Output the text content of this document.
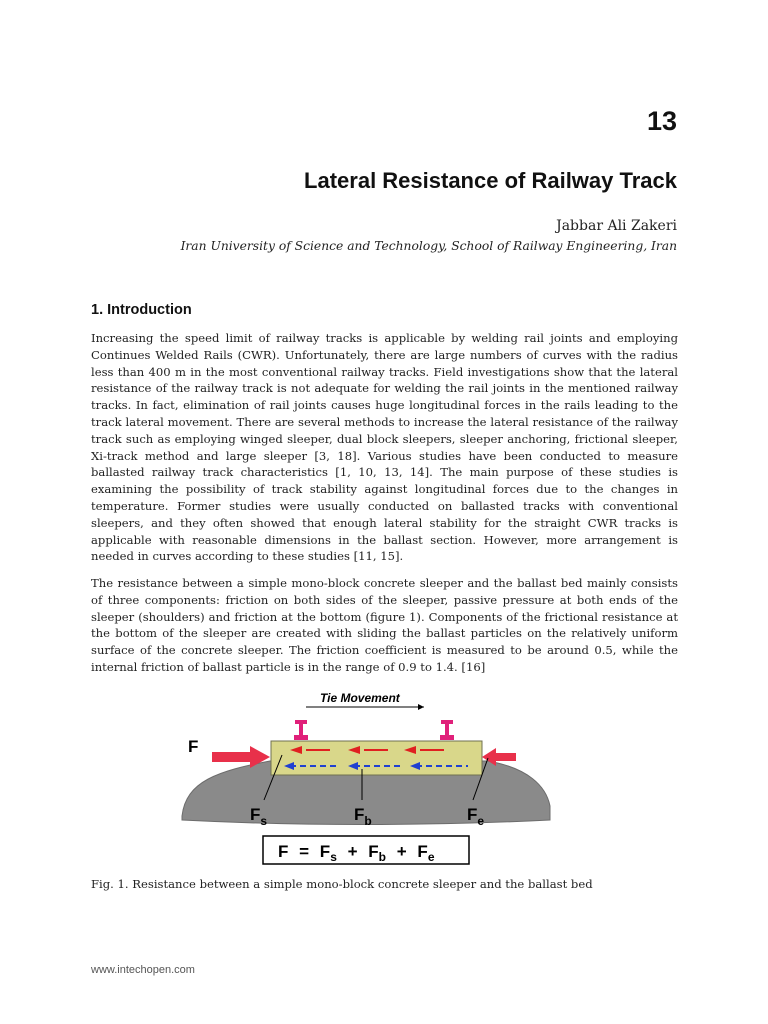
13
Lateral Resistance of Railway Track
Jabbar Ali Zakeri
Iran University of Science and Technology, School of Railway Engineering, Iran
1. Introduction

Increasing the speed limit of railway tracks is applicable by welding rail joints and employing Continues Welded Rails (CWR). Unfortunately, there are large numbers of curves with the radius less than 400 m in the most conventional railway tracks. Field investigations show that the lateral resistance of the railway track is not adequate for welding the rail joints in the mentioned railway tracks. In fact, elimination of rail joints causes huge longitudinal forces in the rails leading to the track lateral movement. There are several methods to increase the lateral resistance of the railway track such as employing winged sleeper, dual block sleepers, sleeper anchoring, frictional sleeper, Xi-track method and large sleeper [3, 18]. Various studies have been conducted to measure ballasted railway track characteristics [1, 10, 13, 14]. The main purpose of these studies is examining the possibility of track stability against longitudinal forces due to the changes in temperature. Former studies were usually conducted on ballasted tracks with conventional sleepers, and they often showed that enough lateral stability for the straight CWR tracks is applicable with reasonable dimensions in the ballast section. However, more arrangement is needed in curves according to these studies [11, 15].

The resistance between a simple mono-block concrete sleeper and the ballast bed mainly consists of three components: friction on both sides of the sleeper, passive pressure at both ends of the sleeper (shoulders) and friction at the bottom (figure 1). Components of the frictional resistance at the bottom of the sleeper are created with sliding the ballast particles on the relatively uniform surface of the concrete sleeper. The friction coefficient is measured to be around 0.5, while the internal friction of ballast particle is in the range of 0.9 to 1.4. [16]

Tie Movement
F
$F_s$	$F_b$	$F_e$
$F = F_s + F_b + F_e$
Fig. 1. Resistance between a simple mono-block concrete sleeper and the ballast bed
www.intechopen.com
